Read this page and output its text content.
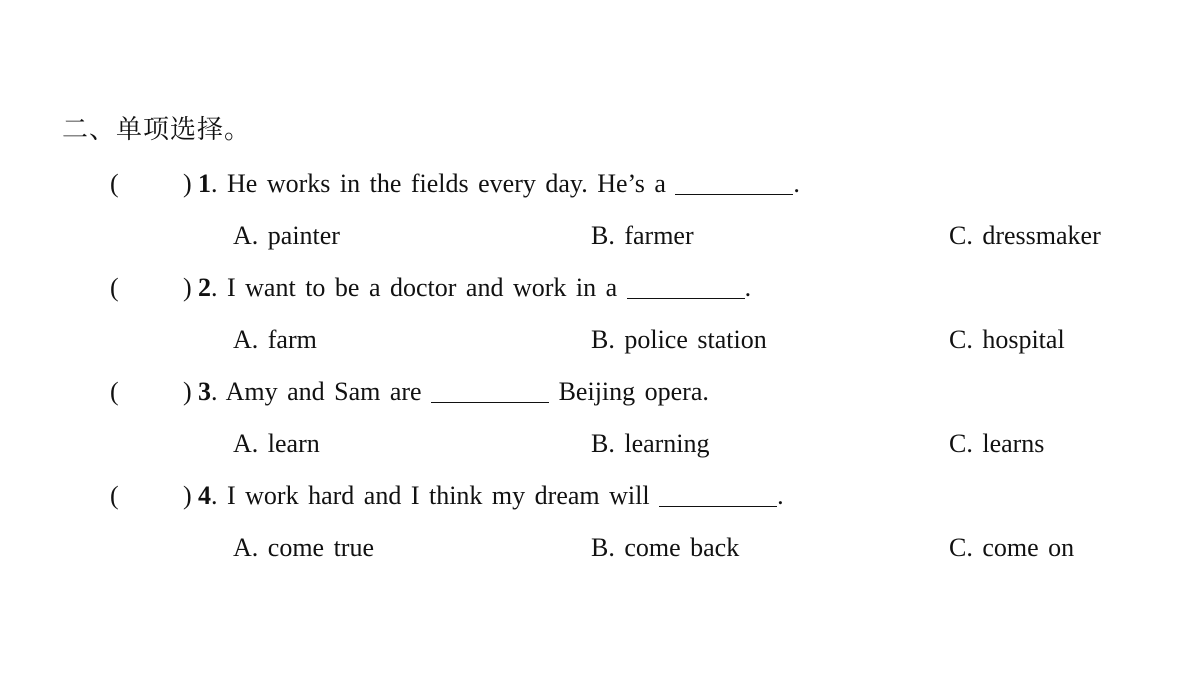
二、单项选择。
( ) 1. He works in the fields every day. He’s a	.
A. painter	B. farmer	C. dressmaker
( ) 2. I want to be a doctor and work in a	.
A. farm	B. police station	C. hospital
( ) 3. Amy and Sam are	Beijing opera.
A. learn	B. learning	C. learns
( ) 4. I work hard and I think my dream will	.
A. come true	B. come back	C. come on
